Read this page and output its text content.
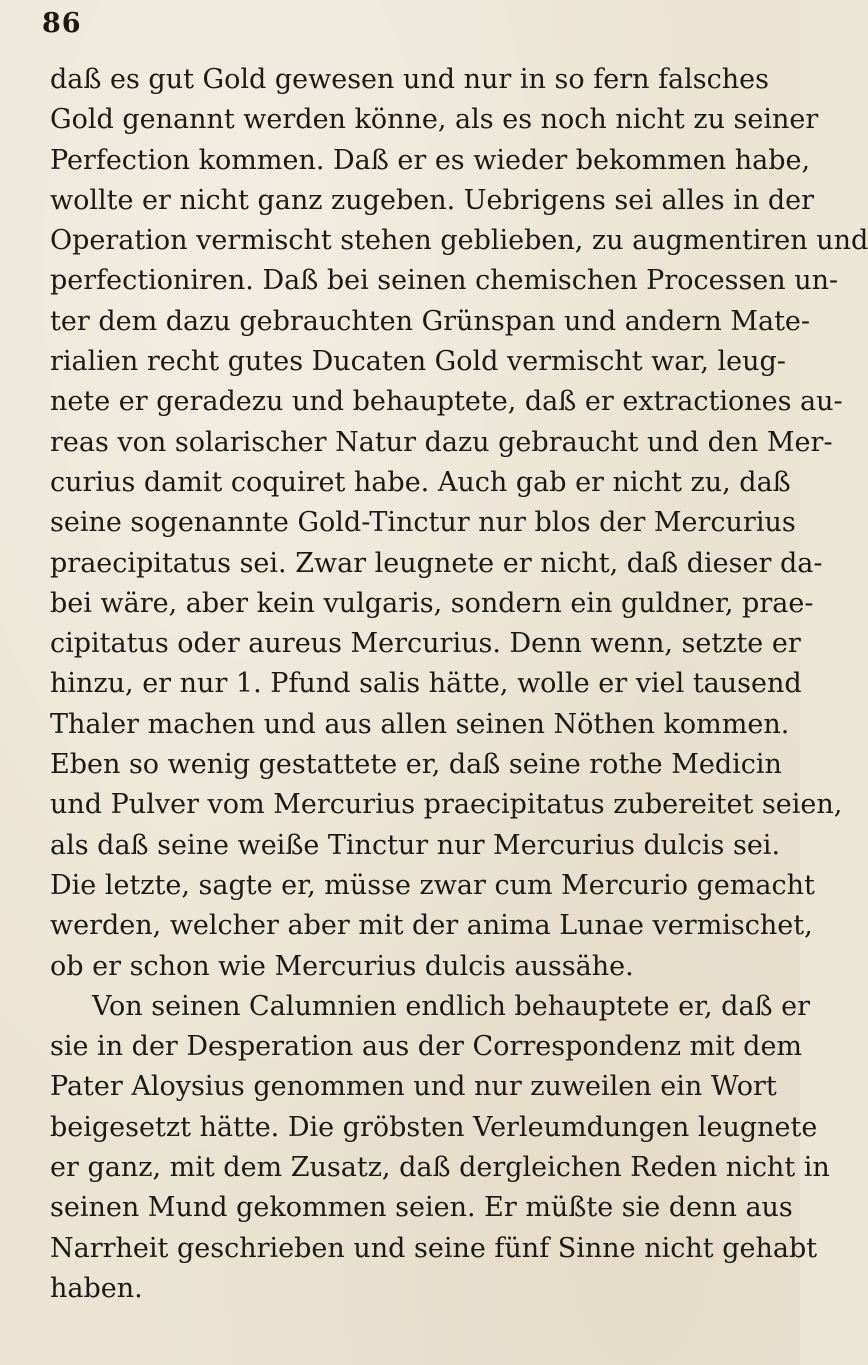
86
daß es gut Gold gewesen und nur in so fern falsches
Gold genannt werden könne, als es noch nicht zu seiner
Perfection kommen. Daß er es wieder bekommen habe,
wollte er nicht ganz zugeben. Uebrigens sei alles in der
Operation vermischt stehen geblieben, zu augmentiren und
perfectioniren. Daß bei seinen chemischen Processen un-
ter dem dazu gebrauchten Grünspan und andern Mate-
rialien recht gutes Ducaten Gold vermischt war, leug-
nete er geradezu und behauptete, daß er extractiones au-
reas von solarischer Natur dazu gebraucht und den Mer-
curius damit coquiret habe. Auch gab er nicht zu, daß
seine sogenannte Gold-Tinctur nur blos der Mercurius
praecipitatus sei. Zwar leugnete er nicht, daß dieser da-
bei wäre, aber kein vulgaris, sondern ein guldner, prae-
cipitatus oder aureus Mercurius. Denn wenn, setzte er
hinzu, er nur 1. Pfund salis hätte, wolle er viel tausend
Thaler machen und aus allen seinen Nöthen kommen.
Eben so wenig gestattete er, daß seine rothe Medicin
und Pulver vom Mercurius praecipitatus zubereitet seien,
als daß seine weiße Tinctur nur Mercurius dulcis sei.
Die letzte, sagte er, müsse zwar cum Mercurio gemacht
werden, welcher aber mit der anima Lunae vermischet,
ob er schon wie Mercurius dulcis aussähe.
Von seinen Calumnien endlich behauptete er, daß er
sie in der Desperation aus der Correspondenz mit dem
Pater Aloysius genommen und nur zuweilen ein Wort
beigesetzt hätte. Die gröbsten Verleumdungen leugnete
er ganz, mit dem Zusatz, daß dergleichen Reden nicht in
seinen Mund gekommen seien. Er müßte sie denn aus
Narrheit geschrieben und seine fünf Sinne nicht gehabt
haben.
